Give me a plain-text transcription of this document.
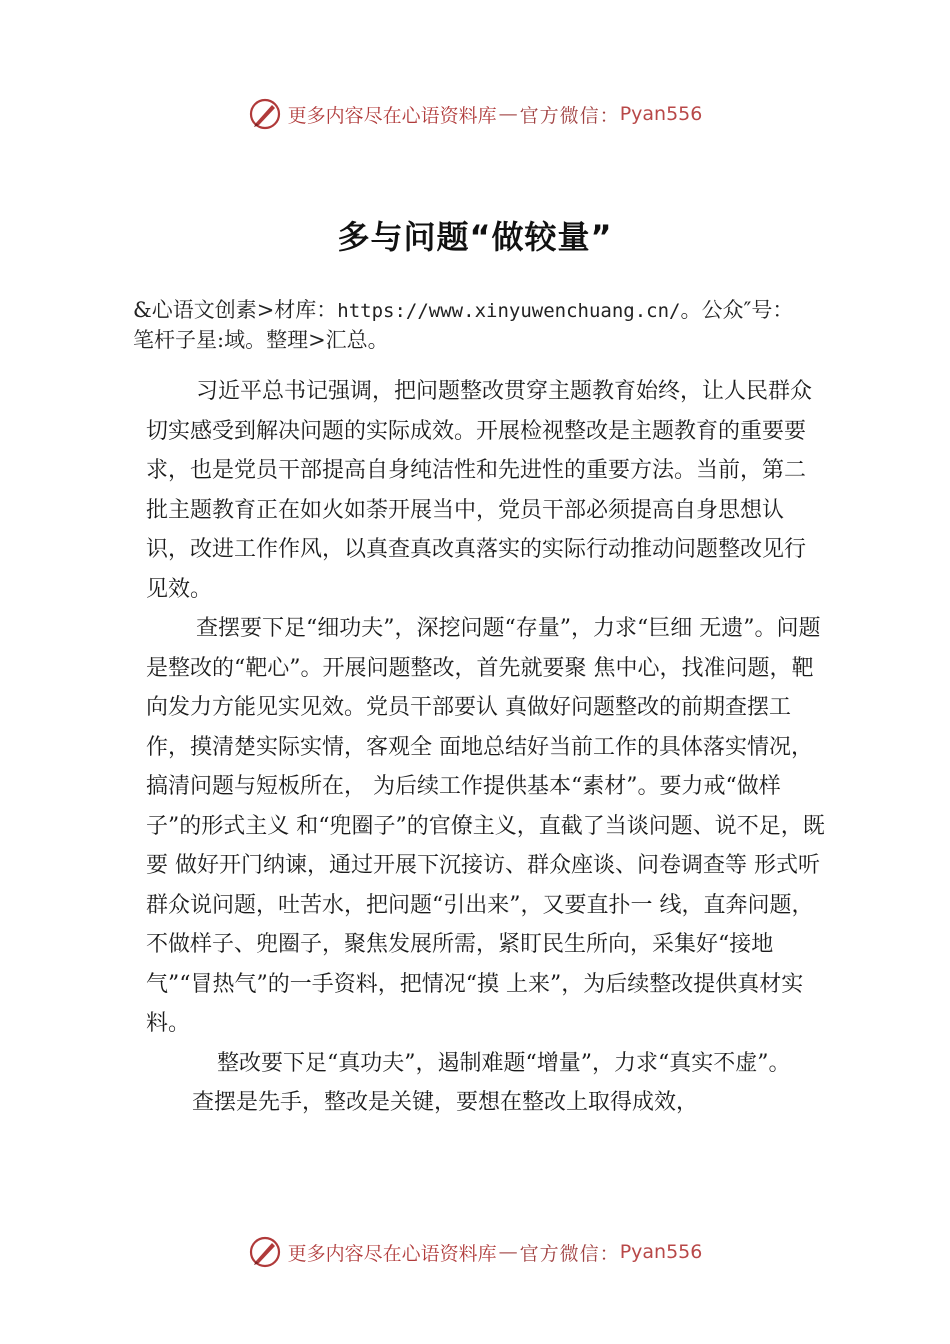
更多内容尽在心语资料库 — 官方微信： Pyan556
多与问题“做较量”
&心语文创素>材库：https://www.xinyuwenchuang.cn/。公众″号：笔杆子星:域。整理>汇总。

习近平总书记强调，把问题整改贯穿主题教育始终，让人民群众切实感受到解决问题的实际成效。开展检视整改是主题教育的重要要求，也是党员干部提高自身纯洁性和先进性的重要方法。当前，第二批主题教育正在如火如荼开展当中，党员干部必须提高自身思想认识，改进工作作风，以真查真改真落实的实际行动推动问题整改见行见效。

查摆要下足“细功夫”，深挖问题“存量”，力求“巨细 无遗”。问题是整改的“靶心”。开展问题整改，首先就要聚 焦中心，找准问题，靶向发力方能见实见效。党员干部要认 真做好问题整改的前期查摆工作，摸清楚实际实情，客观全 面地总结好当前工作的具体落实情况，搞清问题与短板所在， 为后续工作提供基本“素材”。要力戒“做样子”的形式主义 和“兜圈子”的官僚主义，直截了当谈问题、说不足，既要 做好开门纳谏，通过开展下沉接访、群众座谈、问卷调查等 形式听群众说问题，吐苦水，把问题“引出来”，又要直扑一 线，直奔问题，不做样子、兜圈子，聚焦发展所需，紧盯民生所向，采集好“接地气”“冒热气”的一手资料，把情况“摸 上来”，为后续整改提供真材实料。

整改要下足“真功夫”，遏制难题“增量”，力求“真实不虚”。查摆是先手，整改是关键，要想在整改上取得成效，

更多内容尽在心语资料库 — 官方微信： Pyan556
